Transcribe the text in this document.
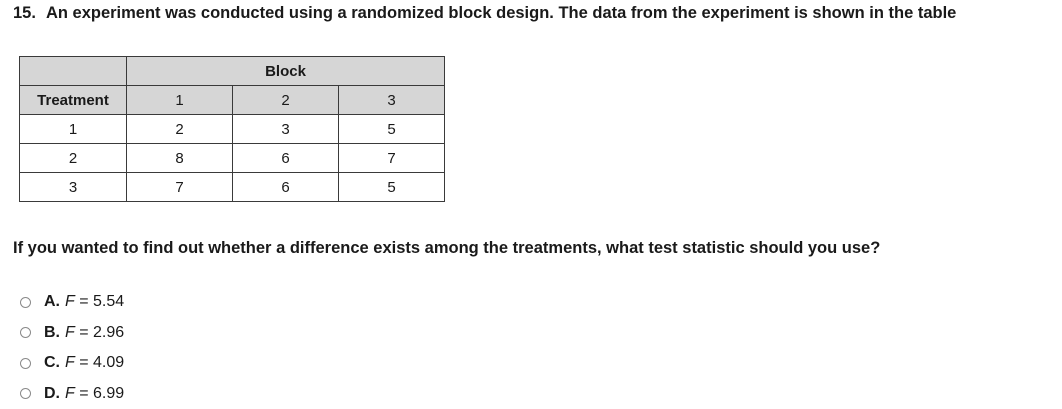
15. An experiment was conducted using a randomized block design. The data from the experiment is shown in the table
	Block		
Treatment	1	2	3
1	2	3	5
2	8	6	7
3	7	6	5
If you wanted to find out whether a difference exists among the treatments, what test statistic should you use?
A. F
= 5.54
B. F
= 2.96
C. F
= 4.09
D. F
= 6.99
